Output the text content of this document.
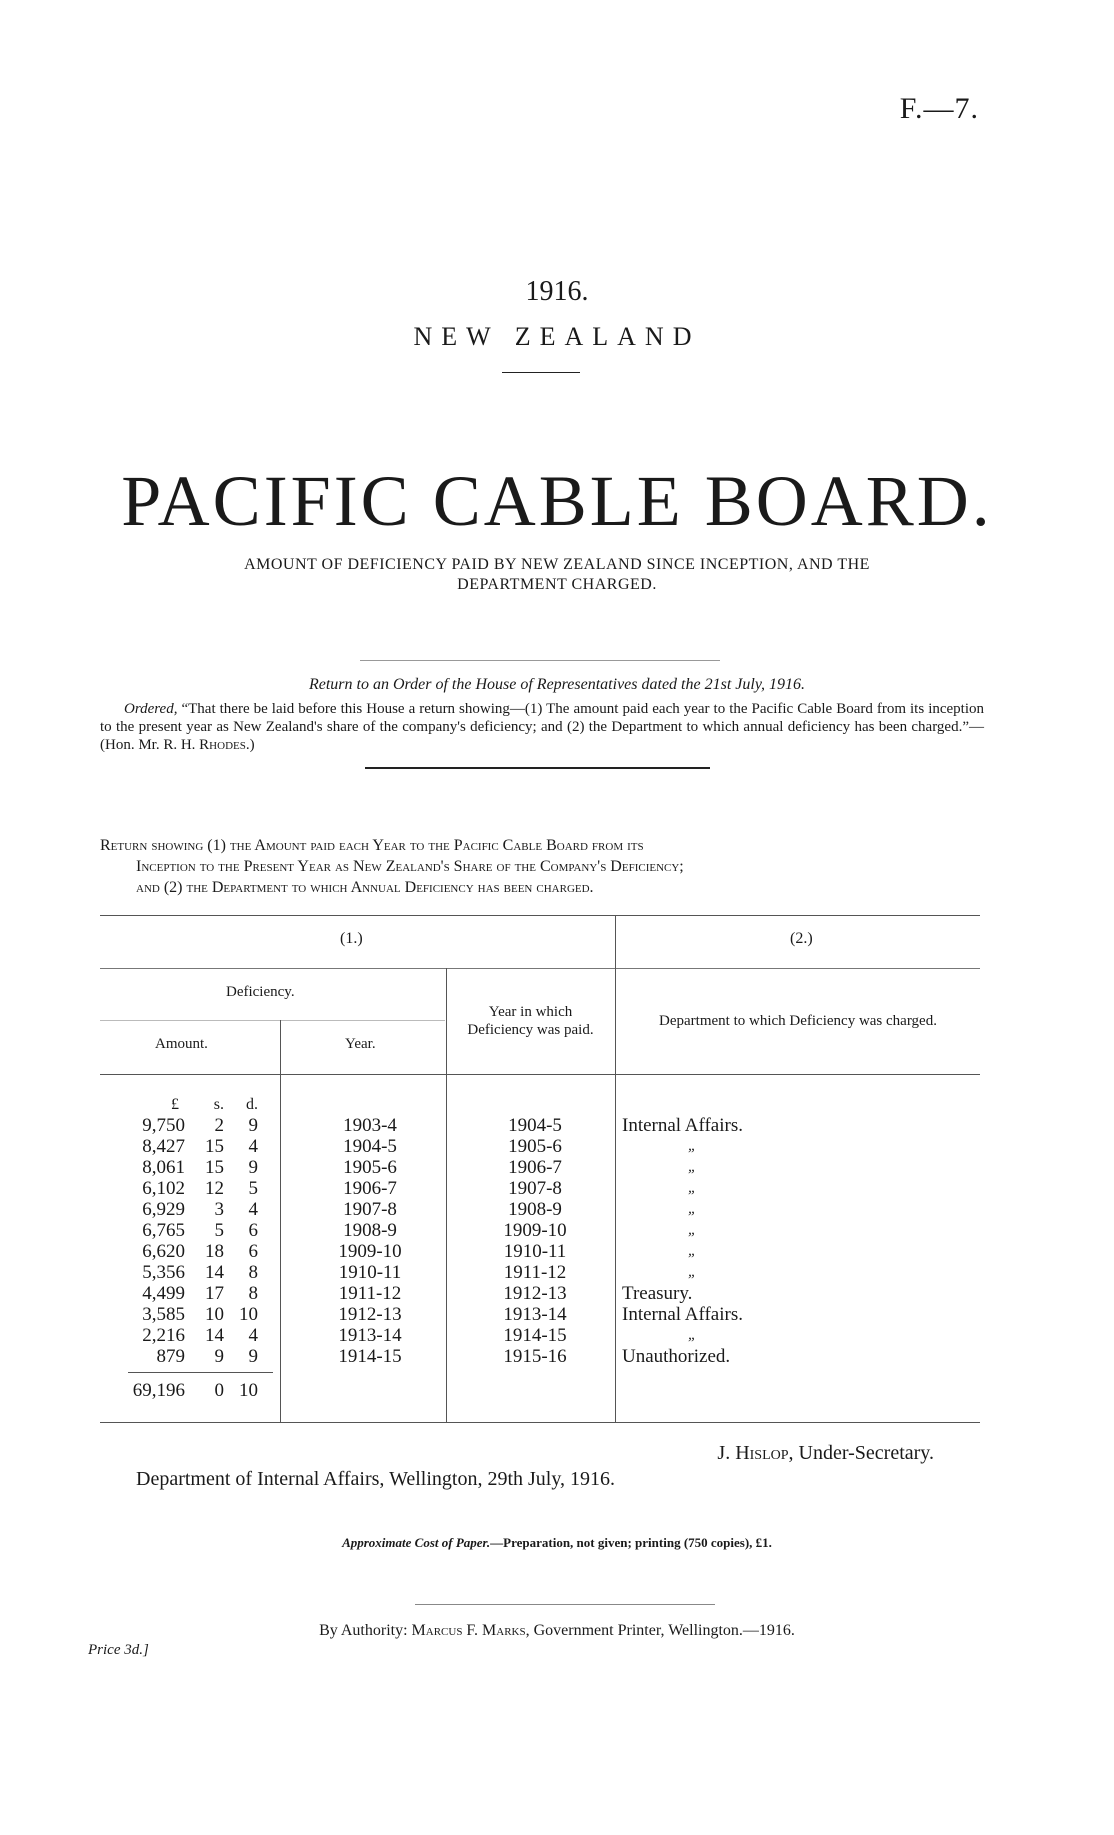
F.—7.
1916.
NEW ZEALAND
PACIFIC CABLE BOARD.
AMOUNT OF DEFICIENCY PAID BY NEW ZEALAND SINCE INCEPTION, AND THE
DEPARTMENT CHARGED.
Return to an Order of the House of Representatives dated the 21st July, 1916.
Ordered, “That there be laid before this House a return showing—(1) The amount paid each year to the Pacific Cable Board from its inception to the present year as New Zealand's share of the company's deficiency; and (2) the Department to which annual deficiency has been charged.”—(Hon. Mr. R. H. Rhodes.)
Return showing (1) the Amount paid each Year to the Pacific Cable Board from its
Inception to the Present Year as New Zealand's Share of the Company's Deficiency;
and (2) the Department to which Annual Deficiency has been charged.
(1.)	(2.)
Deficiency.
Amount.	Year.
Year in which
Deficiency was paid.
Department to which Deficiency was charged.
£	s.	d.
9,750	2	9	1903-4	1904-5	Internal Affairs.
8,427	15	4	1904-5	1905-6	„
8,061	15	9	1905-6	1906-7	„
6,102	12	5	1906-7	1907-8	„
6,929	3	4	1907-8	1908-9	„
6,765	5	6	1908-9	1909-10	„
6,620	18	6	1909-10	1910-11	„
5,356	14	8	1910-11	1911-12	„
4,499	17	8	1911-12	1912-13	Treasury.
3,585	10 10	1912-13	1913-14	Internal Affairs.
2,216	14	4	1913-14	1914-15	„
879	9	9	1914-15	1915-16	Unauthorized.
69,196	0 10
J. Hislop, Under-Secretary.
Department of Internal Affairs, Wellington, 29th July, 1916.
Approximate Cost of Paper.—Preparation, not given; printing (750 copies), £1.
By Authority: Marcus F. Marks, Government Printer, Wellington.—1916.
Price 3d.]
